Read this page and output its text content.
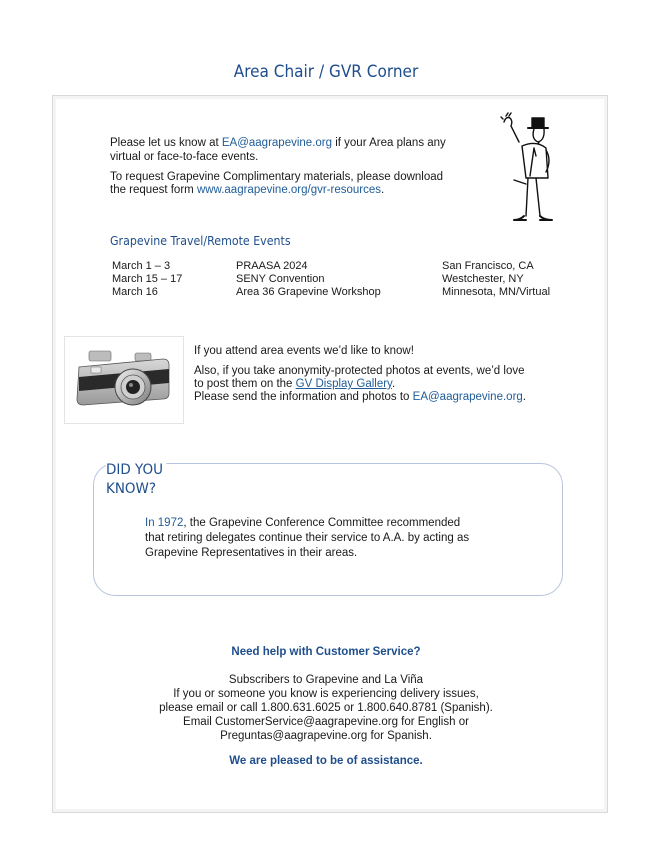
Area Chair / GVR Corner
Please let us know at EA@aagrapevine.org if your Area plans any
virtual or face-to-face events.
To request Grapevine Complimentary materials, please download
the request form www.aagrapevine.org/gvr-resources.
Grapevine Travel/Remote Events
March 1 – 3	PRAASA 2024	San Francisco, CA
March 15 – 17	SENY Convention	Westchester, NY
March 16	Area 36 Grapevine Workshop	Minnesota, MN/Virtual
If you attend area events we’d like to know!
Also, if you take anonymity-protected photos at events, we’d love
to post them on the GV Display Gallery.
Please send the information and photos to EA@aagrapevine.org.
DID YOU
KNOW?
In 1972, the Grapevine Conference Committee recommended
that retiring delegates continue their service to A.A. by acting as
Grapevine Representatives in their areas.
Need help with Customer Service?
Subscribers to Grapevine and La Viña
If you or someone you know is experiencing delivery issues,
please email or call 1.800.631.6025 or 1.800.640.8781 (Spanish).
Email CustomerService@aagrapevine.org for English or
Preguntas@aagrapevine.org for Spanish.
We are pleased to be of assistance.
